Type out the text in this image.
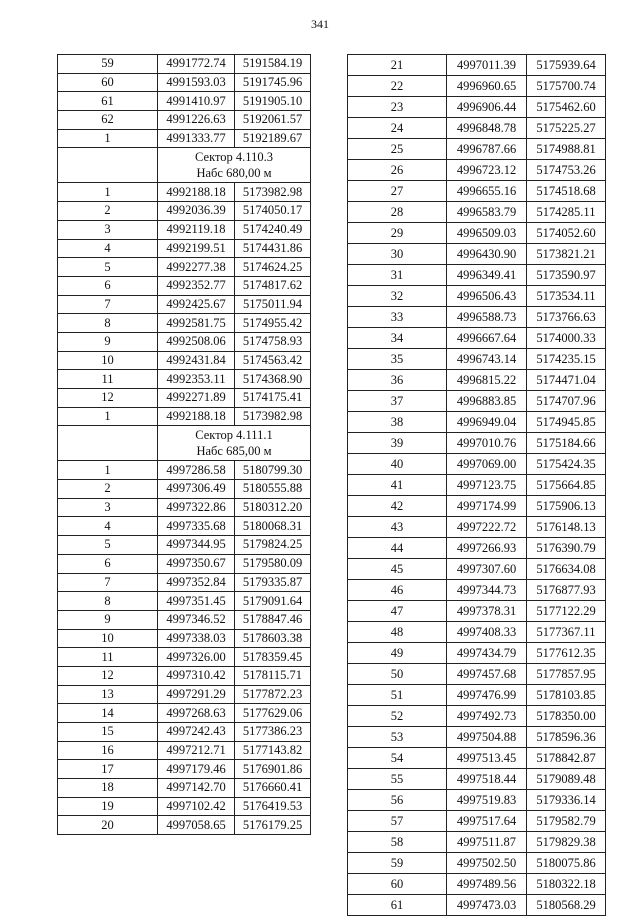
341
59	4991772.74	5191584.19
60	4991593.03	5191745.96
61	4991410.97	5191905.10
62	4991226.63	5192061.57
1	4991333.77	5192189.67

	Сектор 4.110.3
Набс 680,00 м	

1	4992188.18	5173982.98
2	4992036.39	5174050.17
3	4992119.18	5174240.49
4	4992199.51	5174431.86
5	4992277.38	5174624.25
6	4992352.77	5174817.62
7	4992425.67	5175011.94
8	4992581.75	5174955.42
9	4992508.06	5174758.93
10	4992431.84	5174563.42
11	4992353.11	5174368.90
12	4992271.89	5174175.41
1	4992188.18	5173982.98

	Сектор 4.111.1
Набс 685,00 м	

1	4997286.58	5180799.30
2	4997306.49	5180555.88
3	4997322.86	5180312.20
4	4997335.68	5180068.31
5	4997344.95	5179824.25
6	4997350.67	5179580.09
7	4997352.84	5179335.87
8	4997351.45	5179091.64
9	4997346.52	5178847.46
10	4997338.03	5178603.38
11	4997326.00	5178359.45
12	4997310.42	5178115.71
13	4997291.29	5177872.23
14	4997268.63	5177629.06
15	4997242.43	5177386.23
16	4997212.71	5177143.82
17	4997179.46	5176901.86
18	4997142.70	5176660.41
19	4997102.42	5176419.53
20	4997058.65	5176179.25
21	4997011.39	5175939.64
22	4996960.65	5175700.74
23	4996906.44	5175462.60
24	4996848.78	5175225.27
25	4996787.66	5174988.81
26	4996723.12	5174753.26
27	4996655.16	5174518.68
28	4996583.79	5174285.11
29	4996509.03	5174052.60
30	4996430.90	5173821.21
31	4996349.41	5173590.97
32	4996506.43	5173534.11
33	4996588.73	5173766.63
34	4996667.64	5174000.33
35	4996743.14	5174235.15
36	4996815.22	5174471.04
37	4996883.85	5174707.96
38	4996949.04	5174945.85
39	4997010.76	5175184.66
40	4997069.00	5175424.35
41	4997123.75	5175664.85
42	4997174.99	5175906.13
43	4997222.72	5176148.13
44	4997266.93	5176390.79
45	4997307.60	5176634.08
46	4997344.73	5176877.93
47	4997378.31	5177122.29
48	4997408.33	5177367.11
49	4997434.79	5177612.35
50	4997457.68	5177857.95
51	4997476.99	5178103.85
52	4997492.73	5178350.00
53	4997504.88	5178596.36
54	4997513.45	5178842.87
55	4997518.44	5179089.48
56	4997519.83	5179336.14
57	4997517.64	5179582.79
58	4997511.87	5179829.38
59	4997502.50	5180075.86
60	4997489.56	5180322.18
61	4997473.03	5180568.29
